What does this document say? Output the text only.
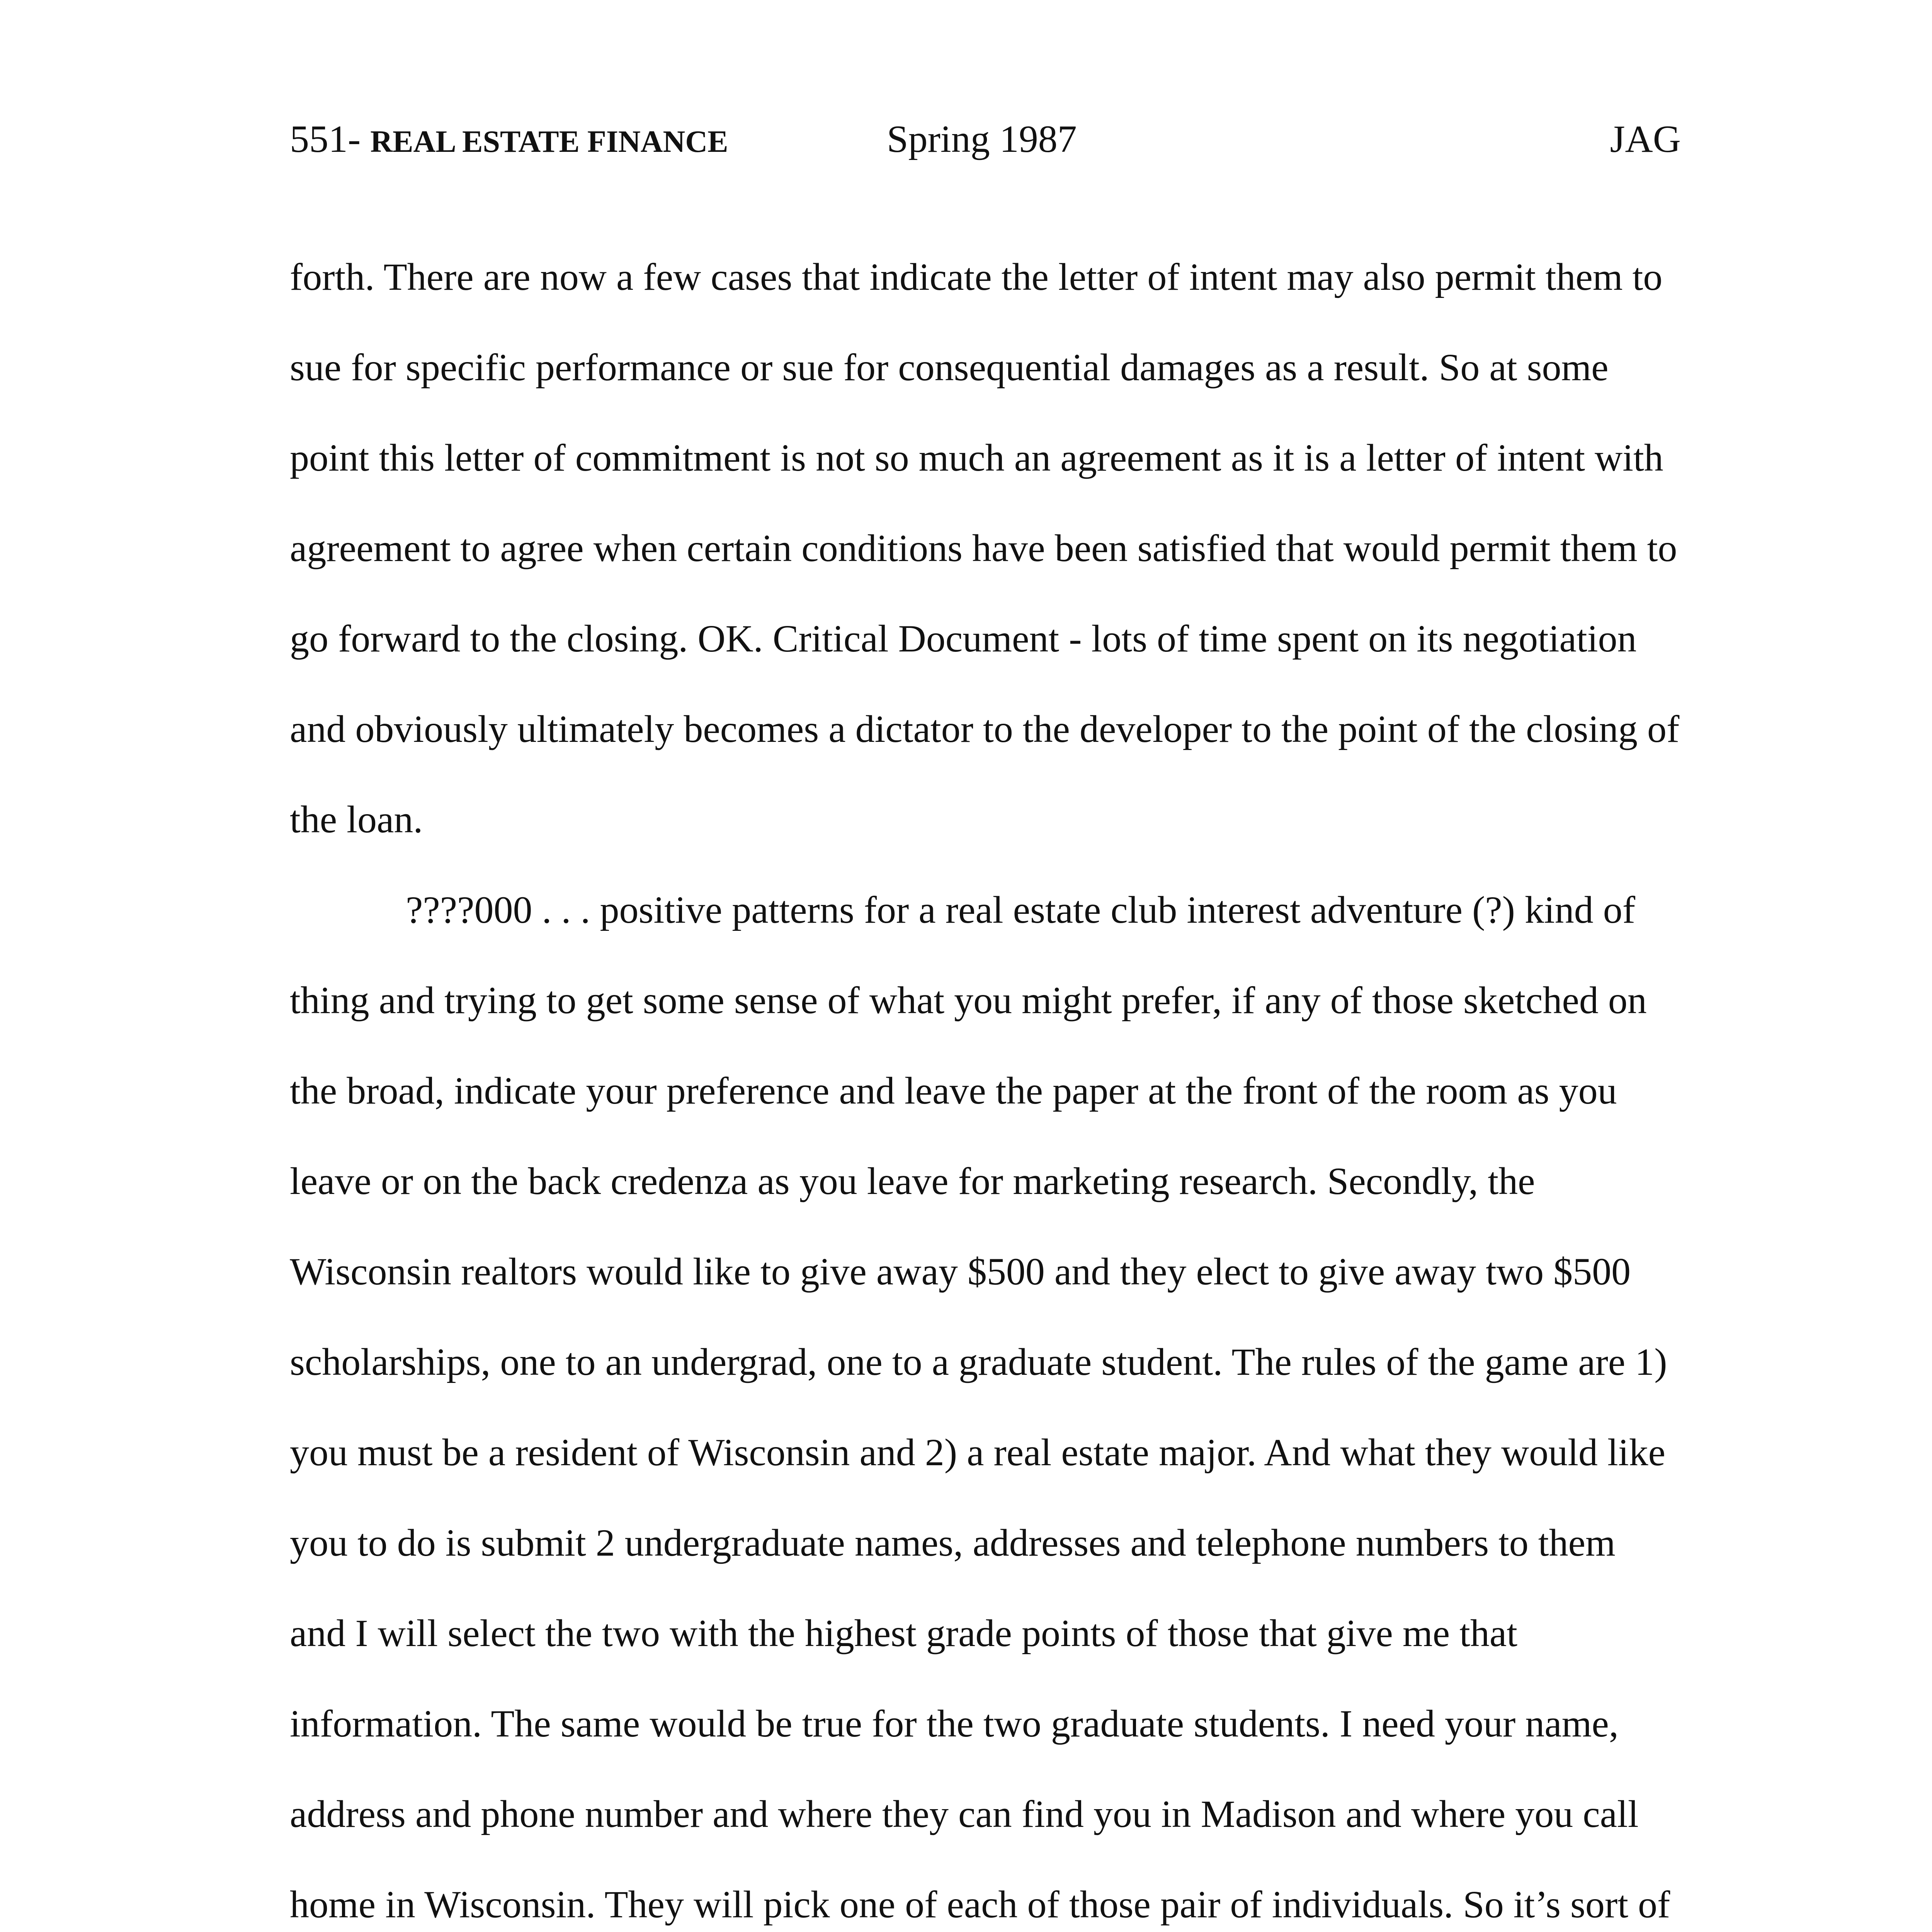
551- REAL ESTATE FINANCE	Spring 1987	JAG

forth. There are now a few cases that indicate the letter of intent may also permit them to sue for specific performance or sue for consequential damages as a result. So at some point this letter of commitment is not so much an agreement as it is a letter of intent with agreement to agree when certain conditions have been satisfied that would permit them to go forward to the closing. OK. Critical Document - lots of time spent on its negotiation and obviously ultimately becomes a dictator to the developer to the point of the closing of the loan.

????000 . . . positive patterns for a real estate club interest adventure (?) kind of thing and trying to get some sense of what you might prefer, if any of those sketched on the broad, indicate your preference and leave the paper at the front of the room as you leave or on the back credenza as you leave for marketing research. Secondly, the Wisconsin realtors would like to give away $500 and they elect to give away two $500 scholarships, one to an undergrad, one to a graduate student. The rules of the game are 1) you must be a resident of Wisconsin and 2) a real estate major. And what they would like you to do is submit 2 undergraduate names, addresses and telephone numbers to them and I will select the two with the highest grade points of those that give me that information. The same would be true for the two graduate students. I need your name, address and phone number and where they can find you in Madison and where you call home in Wisconsin. They will pick one of each of those pair of individuals. So it’s sort of
